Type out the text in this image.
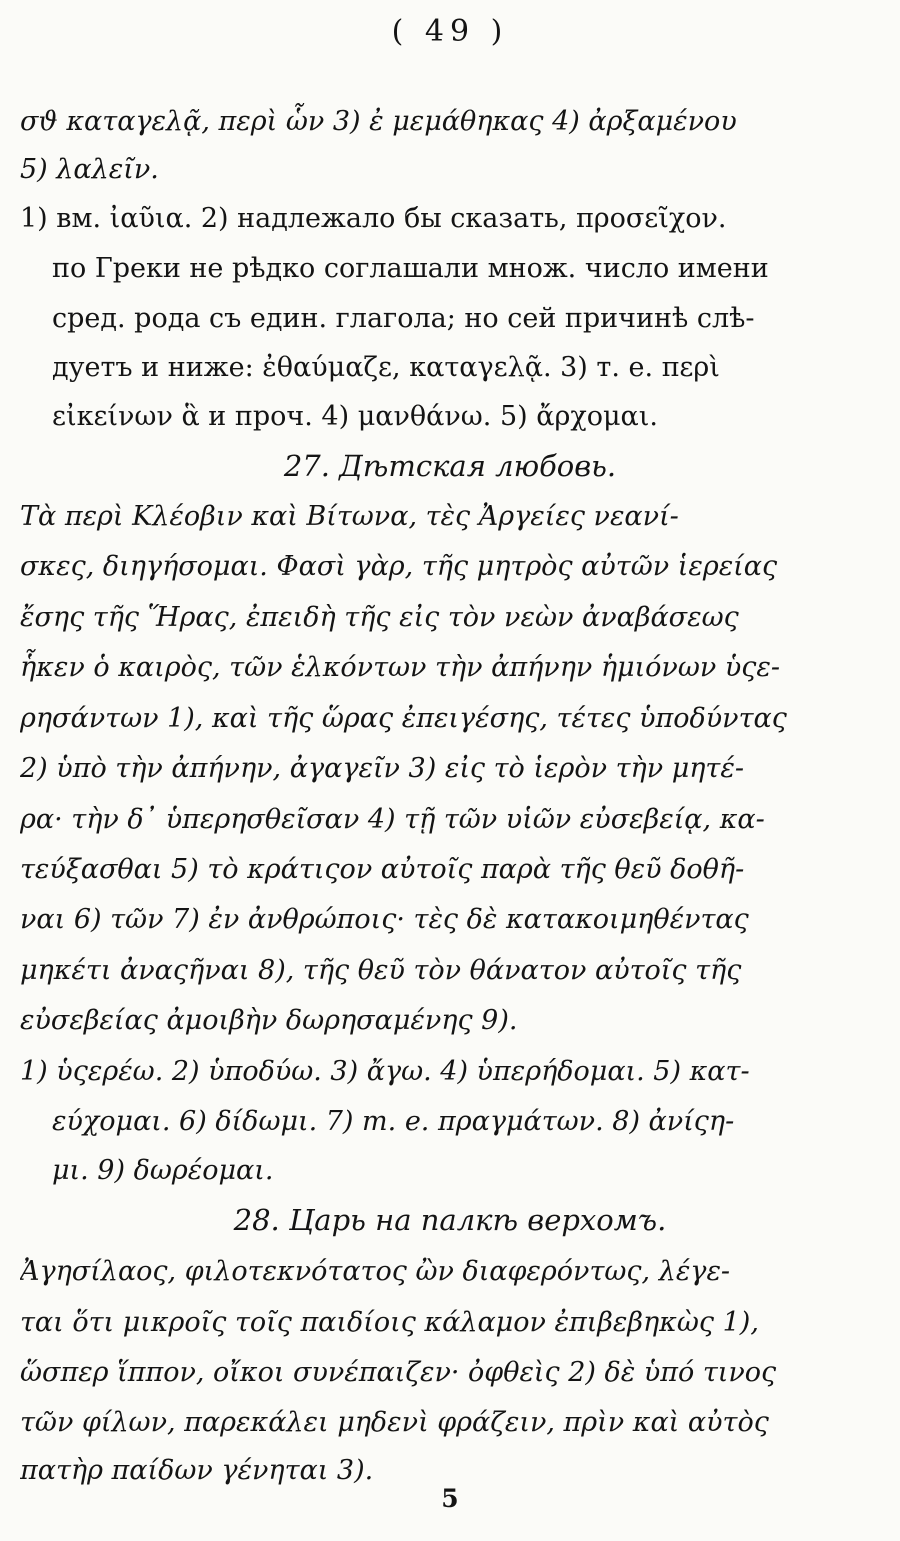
( 49 )
σϑ καταγελᾷ, περὶ ὧν 3) ἐ μεμάθηκας 4) ἀρξαμένου
5) λαλεῖν.
1) вм. ἰαῦια. 2) надлежало бы сказать, προσεῖχον.
по Греки не рѣдко соглашали множ. число имени
сред. рода съ един. глагола; но сей причинѣ слѣ-
дуетъ и ниже: ἐθαύμαζε, καταγελᾷ. 3) т. е. περὶ
εἰκείνων ἃ и проч. 4) μανθάνω. 5) ἄρχομαι.
27. Дѣтская любовь.
Τὰ περὶ Κλέοβιν καὶ Βίτωνα, τὲς Ἀργείες νεανί-
σκες, διηγήσομαι. Φασὶ γὰρ, τῆς μητρὸς αὐτῶν ἱερείας
ἔσης τῆς Ἥρας, ἐπειδὴ τῆς εἰς τὸν νεὼν ἀναβάσεως
ἧκεν ὁ καιρὸς, τῶν ἑλκόντων τὴν ἀπήνην ἡμιόνων ὑςε-
ρησάντων 1), καὶ τῆς ὥρας ἐπειγέσης, τέτες ὑποδύντας
2) ὑπὸ τὴν ἀπήνην, ἀγαγεῖν 3) εἰς τὸ ἱερὸν τὴν μητέ-
ρα· τὴν δ᾽ ὑπερησθεῖσαν 4) τῇ τῶν υἱῶν εὐσεβείᾳ, κα-
τεύξασθαι 5) τὸ κράτιςον αὐτοῖς παρὰ τῆς θεῦ δοθῆ-
ναι 6) τῶν 7) ἐν ἀνθρώποις· τὲς δὲ κατακοιμηθέντας
μηκέτι ἀναςῆναι 8), τῆς θεῦ τὸν θάνατον αὐτοῖς τῆς
εὐσεβείας ἀμοιβὴν δωρησαμένης 9).
1) ὑςερέω. 2) ὑποδύω. 3) ἄγω. 4) ὑπερήδομαι. 5) κατ-
εύχομαι. 6) δίδωμι. 7) т. е. πραγμάτων. 8) ἀνίςη-
μι. 9) δωρέομαι.
28. Царь на палкѣ верхомъ.
Ἀγησίλαος, φιλοτεκνότατος ὢν διαφερόντως, λέγε-
ται ὅτι μικροῖς τοῖς παιδίοις κάλαμον ἐπιβεβηκὼς 1),
ὥσπερ ἵππον, οἴκοι συνέπαιζεν· ὀφθεὶς 2) δὲ ὑπό τινος
τῶν φίλων, παρεκάλει μηδενὶ φράζειν, πρὶν καὶ αὐτὸς
πατὴρ παίδων γένηται 3).
5
